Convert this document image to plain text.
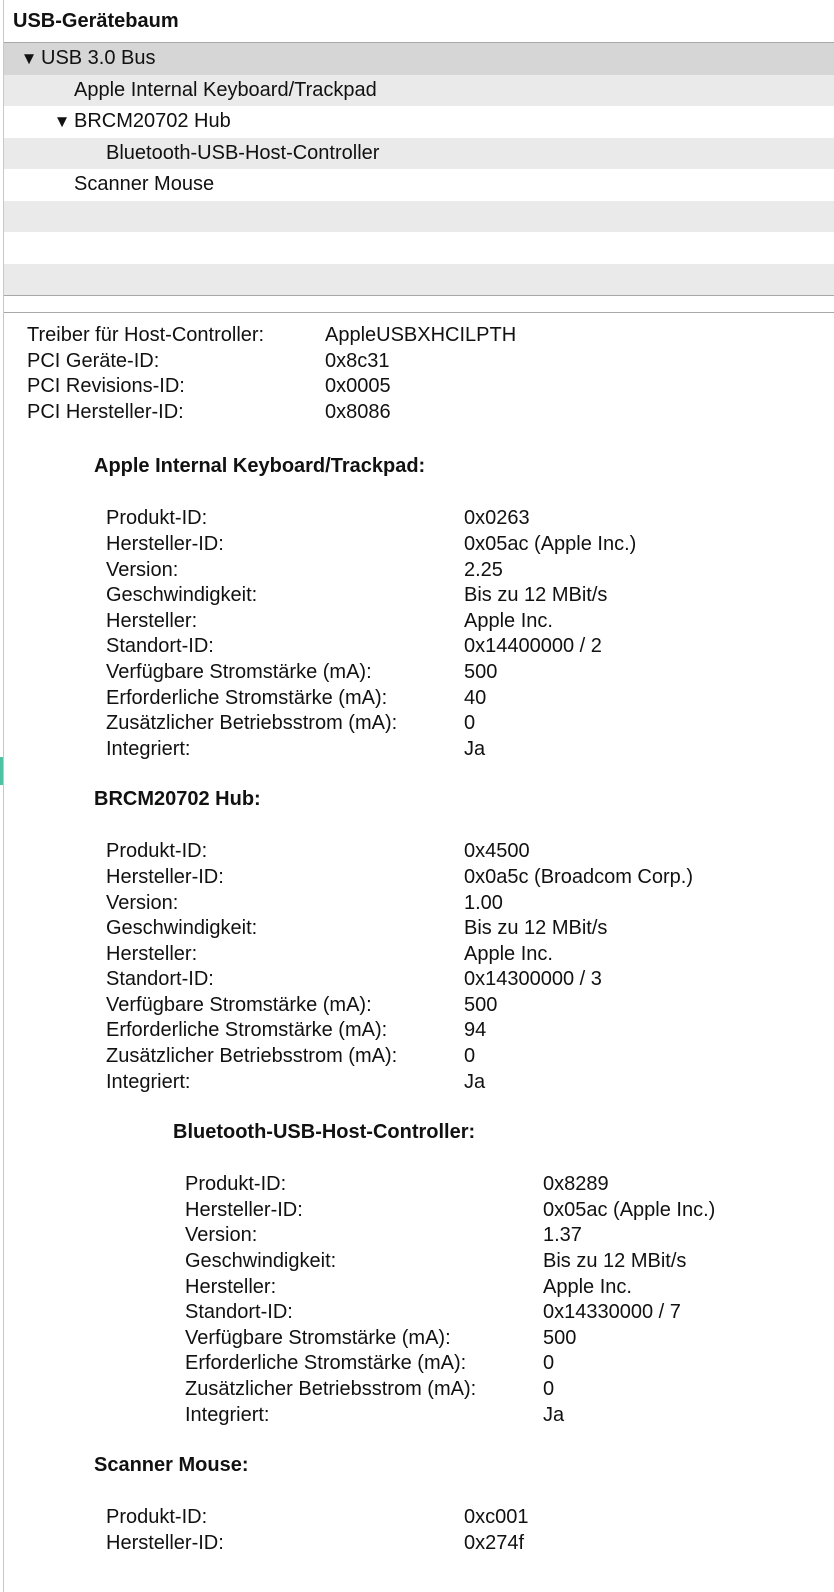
USB-Gerätebaum
▼ USB 3.0 Bus
Apple Internal Keyboard/Trackpad
▼ BRCM20702 Hub
Bluetooth-USB-Host-Controller
Scanner Mouse
Treiber für Host-Controller:	AppleUSBXHCILPTH
PCI Geräte-ID:	0x8c31
PCI Revisions-ID:	0x0005
PCI Hersteller-ID:	0x8086
Apple Internal Keyboard/Trackpad:
Produkt-ID:	0x0263
Hersteller-ID:	0x05ac (Apple Inc.)
Version:	2.25
Geschwindigkeit:	Bis zu 12 MBit/s
Hersteller:	Apple Inc.
Standort-ID:	0x14400000 / 2
Verfügbare Stromstärke (mA):	500
Erforderliche Stromstärke (mA):	40
Zusätzlicher Betriebsstrom (mA):	0
Integriert:	Ja
BRCM20702 Hub:
Produkt-ID:	0x4500
Hersteller-ID:	0x0a5c (Broadcom Corp.)
Version:	1.00
Geschwindigkeit:	Bis zu 12 MBit/s
Hersteller:	Apple Inc.
Standort-ID:	0x14300000 / 3
Verfügbare Stromstärke (mA):	500
Erforderliche Stromstärke (mA):	94
Zusätzlicher Betriebsstrom (mA):	0
Integriert:	Ja
Bluetooth-USB-Host-Controller:
Produkt-ID:	0x8289
Hersteller-ID:	0x05ac (Apple Inc.)
Version:	1.37
Geschwindigkeit:	Bis zu 12 MBit/s
Hersteller:	Apple Inc.
Standort-ID:	0x14330000 / 7
Verfügbare Stromstärke (mA):	500
Erforderliche Stromstärke (mA):	0
Zusätzlicher Betriebsstrom (mA):	0
Integriert:	Ja
Scanner Mouse:
Produkt-ID:	0xc001
Hersteller-ID:	0x274f
